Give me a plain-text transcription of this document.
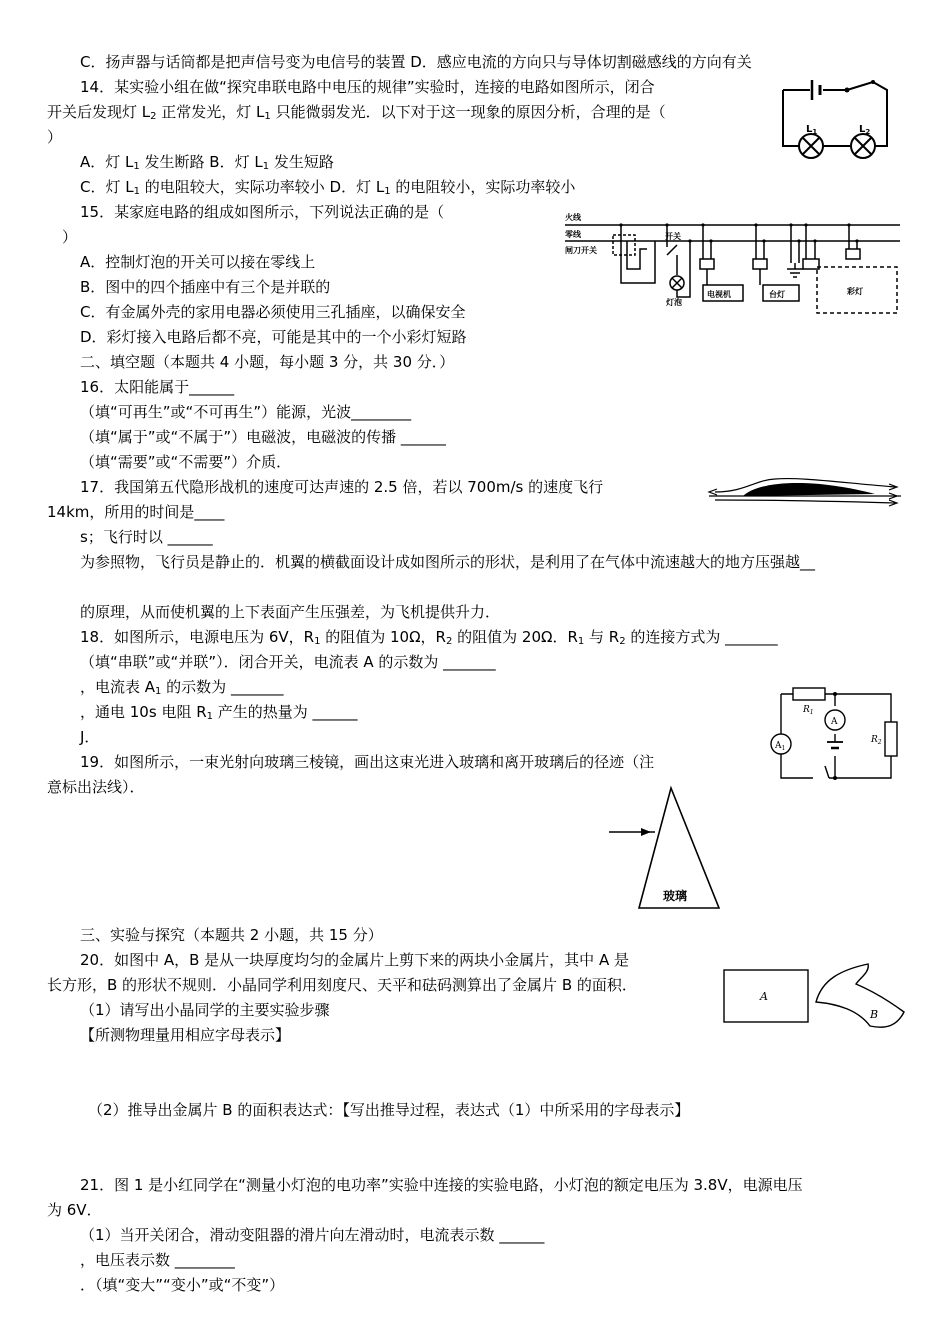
C．扬声器与话筒都是把声信号变为电信号的装置 D．感应电流的方向只与导体切割磁感线的方向有关
14．某实验小组在做“探究串联电路中电压的规律”实验时，连接的电路如图所示，闭合
开关后发现灯 $L_2$ 正常发光，灯 $L_1$ 只能微弱发光．以下对于这一现象的原因分析，合理的是（
）
A．灯 $L_1$ 发生断路 B．灯 $L_1$ 发生短路
C．灯 $L_1$ 的电阻较大，实际功率较小 D．灯 $L_1$ 的电阻较小，实际功率较小
15．某家庭电路的组成如图所示，下列说法正确的是（
）
A．控制灯泡的开关可以接在零线上
B．图中的四个插座中有三个是并联的
C．有金属外壳的家用电器必须使用三孔插座，以确保安全
D．彩灯接入电路后都不亮，可能是其中的一个小彩灯短路
二、填空题（本题共 4 小题，每小题 3 分，共 30 分．）
16．太阳能属于______
（填“可再生”或“不可再生”）能源，光波________
（填“属于”或“不属于”）电磁波，电磁波的传播 ______
（填“需要”或“不需要”）介质．
17．我国第五代隐形战机的速度可达声速的 2.5 倍，若以 700m/s 的速度飞行
14km，所用的时间是____
s；飞行时以 ______
为参照物，飞行员是静止的．机翼的横截面设计成如图所示的形状，是利用了在气体中流速越大的地方压强越__
的原理，从而使机翼的上下表面产生压强差，为飞机提供升力．
18．如图所示，电源电压为 6V，$R_1$ 的阻值为 10Ω，$R_2$ 的阻值为 20Ω．$R_1$ 与 $R_2$ 的连接方式为 _______
（填“串联”或“并联”）．闭合开关，电流表 A 的示数为 _______
，电流表 $A_1$ 的示数为 _______
，通电 10s 电阻 $R_1$ 产生的热量为 ______
J．
19．如图所示，一束光射向玻璃三棱镜，画出这束光进入玻璃和离开玻璃后的径迹（注
意标出法线）．
三、实验与探究（本题共 2 小题，共 15 分）
20．如图中 A，B 是从一块厚度均匀的金属片上剪下来的两块小金属片，其中 A 是
长方形，B 的形状不规则．小晶同学利用刻度尺、天平和砝码测算出了金属片 B 的面积．
（1）请写出小晶同学的主要实验步骤
【所测物理量用相应字母表示】
（2）推导出金属片 B 的面积表达式：【写出推导过程，表达式（1）中所采用的字母表示】
21．图 1 是小红同学在“测量小灯泡的电功率”实验中连接的实验电路，小灯泡的额定电压为 3.8V，电源电压
为 6V．
（1）当开关闭合，滑动变阻器的滑片向左滑动时，电流表示数 ______
，电压表示数 ________
．（填“变大”“变小”或“不变”）
$L_1$	$L_2$
火线
零线
闸刀开关
开关
灯泡
电视机	台灯	彩灯
$R_1$
$R_2$
A
$A_1$
玻璃
A
B
